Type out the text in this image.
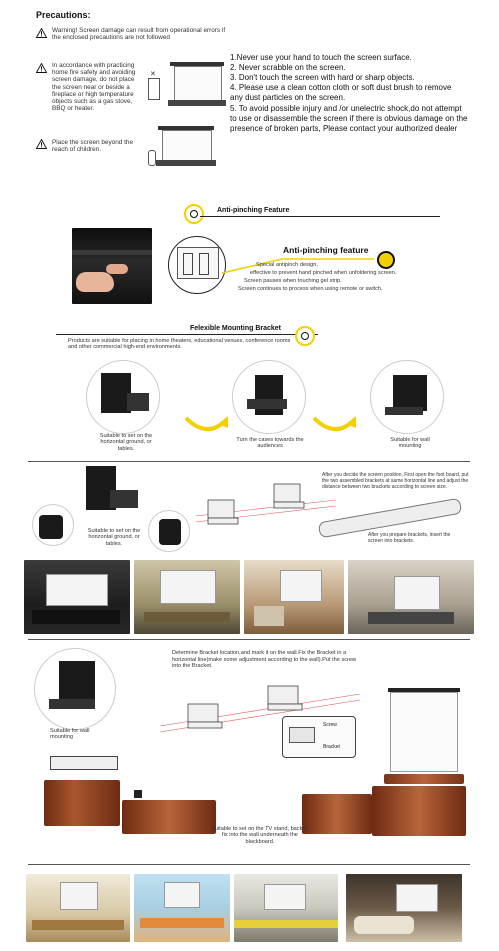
Precautions:
Warning! Screen damage can result from operational errors if the enclosed precautions are not followed
In accordance with practicing home fire safety and avoiding screen damage, do not place the screen near or beside a fireplace or high temperature objects such as a gas stove, BBQ or heater.
✕
Place the screen beyond the reach of children.
1.Never use your hand to touch the screen surface.
2. Never scrabble on the screen.
3. Don't touch the screen with hard or sharp objects.
4. Please use a clean cotton cloth or soft dust brush to remove any dust particles on the screen.
5. To avoid possible injury and /or unelectric shock,do not attempt to use or disassemble the screen if there is obvious damage on the presence of broken parts, Please contact your authorized dealer
Anti-pinching Feature
Anti-pinching feature
Special antipinch design,
effective to prevent hand pinched when unfoldering screen.
Screen pauses when touching gel strip.
Screen continues to process when using remote or switch.
Felexible Mounting Bracket
Products are suitable for placing in home theaters, educational venues, conference rooms and other commercial high-end environments.
Suitable to set on the horizontal ground, or tables.
Turn the cases towards the audiences
Suitable for wall mounting
Suitable to set on the horizontal ground, or tables.
After you decide the screen position, First open the foot board, put the two assembled brackets at same horizontal line and adjust the distance between two brackets according to screen size.
After you prepare brackets, insert the screen into brackets.
Suitable for wall mounting
Determine Bracket location,and mark it on the wall.Fix the Bracket in a horizontal line(make some adjustment according to the wall).Put the screw into the Bracket.
Screw
Bracket
Suitable to set on the TV stand, back or fix into the wall underneath the blackboard.
